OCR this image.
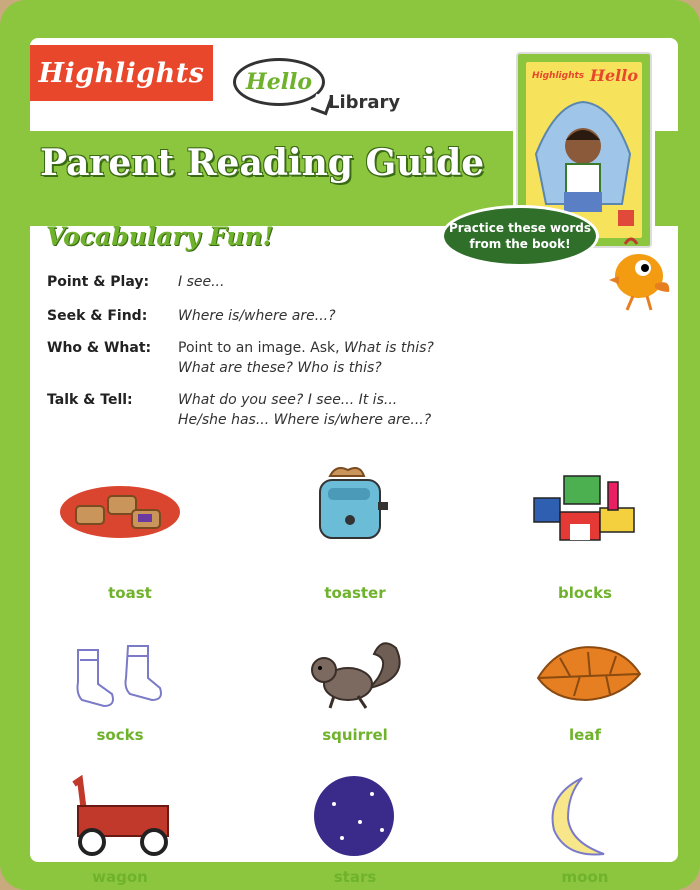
Highlights	Hello
Library
Parent Reading Guide
Highlights Hello
Vocabulary Fun!	Practice these words
from the book!
Point & Play:	I see...
Seek & Find:	Where is/where are...?
Who & What:	Point to an image. Ask, What is this?
What are these? Who is this?
Talk & Tell:	What do you see? I see... It is...
He/she has... Where is/where are...?
toast	toaster	blocks
socks	squirrel	leaf
wagon	stars	moon
